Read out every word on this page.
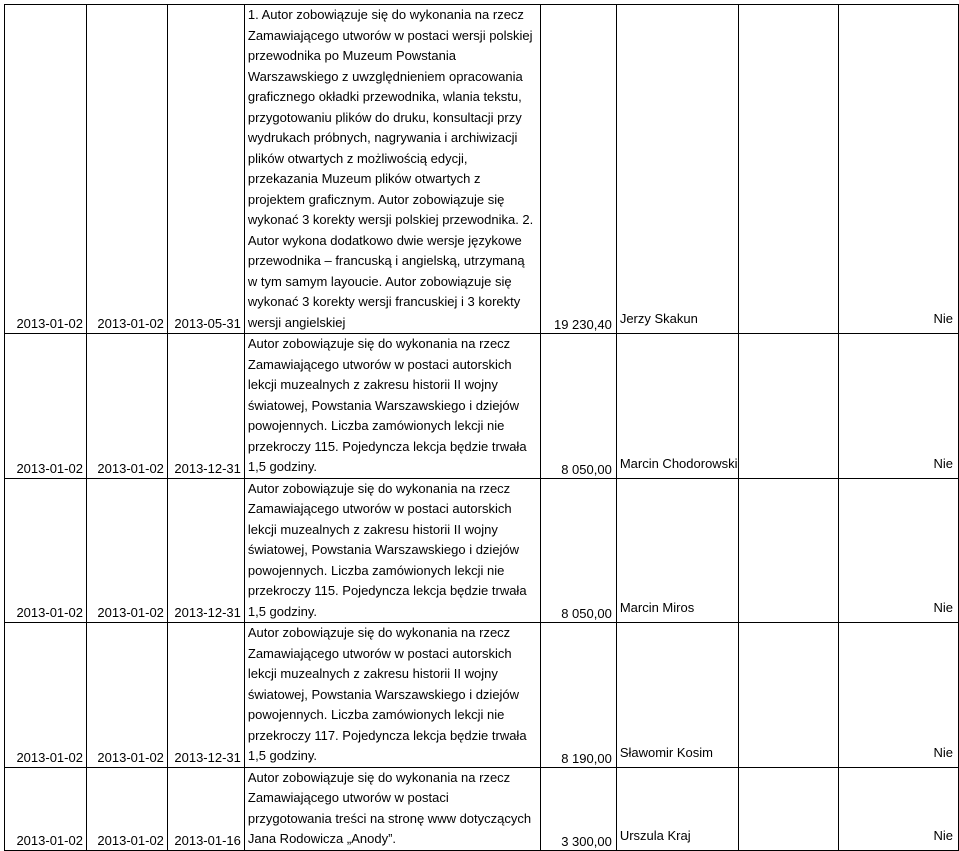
2013-01-02	2013-01-02	2013-05-31	1. Autor zobowiązuje się do wykonania na rzecz Zamawiającego utworów w postaci wersji polskiej przewodnika po Muzeum Powstania Warszawskiego z uwzględnieniem opracowania graficznego okładki przewodnika, wlania tekstu, przygotowaniu plików do druku, konsultacji przy wydrukach próbnych, nagrywania i archiwizacji plików otwartych z możliwością edycji, przekazania Muzeum plików otwartych z projektem graficznym. Autor zobowiązuje się wykonać 3 korekty wersji polskiej przewodnika. 2. Autor wykona dodatkowo dwie wersje językowe przewodnika – francuską i angielską, utrzymaną w tym samym layoucie. Autor zobowiązuje się wykonać 3 korekty wersji francuskiej i 3 korekty wersji angielskiej	19 230,40	Jerzy Skakun		Nie
2013-01-02	2013-01-02	2013-12-31	Autor zobowiązuje się do wykonania na rzecz Zamawiającego utworów w postaci autorskich lekcji muzealnych z zakresu historii II wojny światowej, Powstania Warszawskiego i dziejów powojennych. Liczba zamówionych lekcji nie przekroczy 115. Pojedyncza lekcja będzie trwała 1,5 godziny.	8 050,00	Marcin Chodorowski		Nie
2013-01-02	2013-01-02	2013-12-31	Autor zobowiązuje się do wykonania na rzecz Zamawiającego utworów w postaci autorskich lekcji muzealnych z zakresu historii II wojny światowej, Powstania Warszawskiego i dziejów powojennych. Liczba zamówionych lekcji nie przekroczy 115. Pojedyncza lekcja będzie trwała 1,5 godziny.	8 050,00	Marcin Miros		Nie
2013-01-02	2013-01-02	2013-12-31	Autor zobowiązuje się do wykonania na rzecz Zamawiającego utworów w postaci autorskich lekcji muzealnych z zakresu historii II wojny światowej, Powstania Warszawskiego i dziejów powojennych. Liczba zamówionych lekcji nie przekroczy 117. Pojedyncza lekcja będzie trwała 1,5 godziny.	8 190,00	Sławomir Kosim		Nie
2013-01-02	2013-01-02	2013-01-16	Autor zobowiązuje się do wykonania na rzecz Zamawiającego utworów w postaci przygotowania treści na stronę www dotyczących Jana Rodowicza „Anody”.	3 300,00	Urszula Kraj		Nie
